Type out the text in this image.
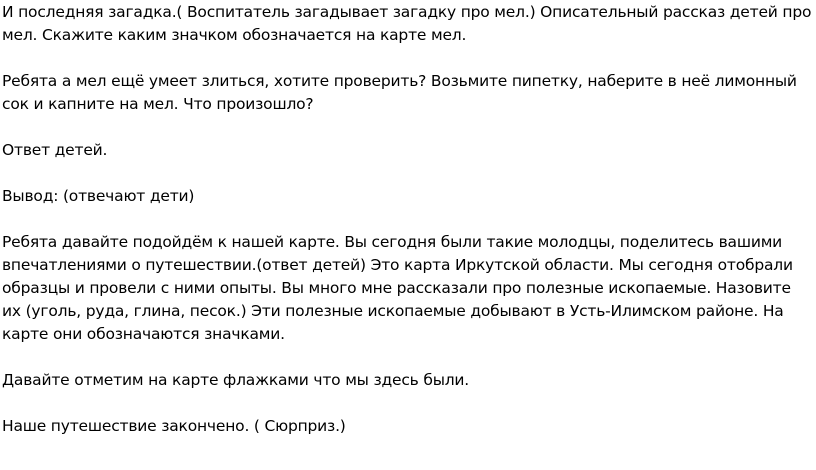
И последняя загадка.( Воспитатель загадывает загадку про мел.) Описательный рассказ детей про мел. Скажите каким значком обозначается на карте мел.

Ребята а мел ещё умеет злиться, хотите проверить? Возьмите пипетку, наберите в неё лимонный сок и капните на мел. Что произошло?

Ответ детей.

Вывод: (отвечают дети)

Ребята давайте подойдём к нашей карте. Вы сегодня были такие молодцы, поделитесь вашими впечатлениями о путешествии.(ответ детей) Это карта Иркутской области. Мы сегодня отобрали образцы и провели с ними опыты. Вы много мне рассказали про полезные ископаемые. Назовите их (уголь, руда, глина, песок.) Эти полезные ископаемые добывают в Усть-Илимском районе. На карте они обозначаются значками.

Давайте отметим на карте флажками что мы здесь были.

Наше путешествие закончено. ( Сюрприз.)
